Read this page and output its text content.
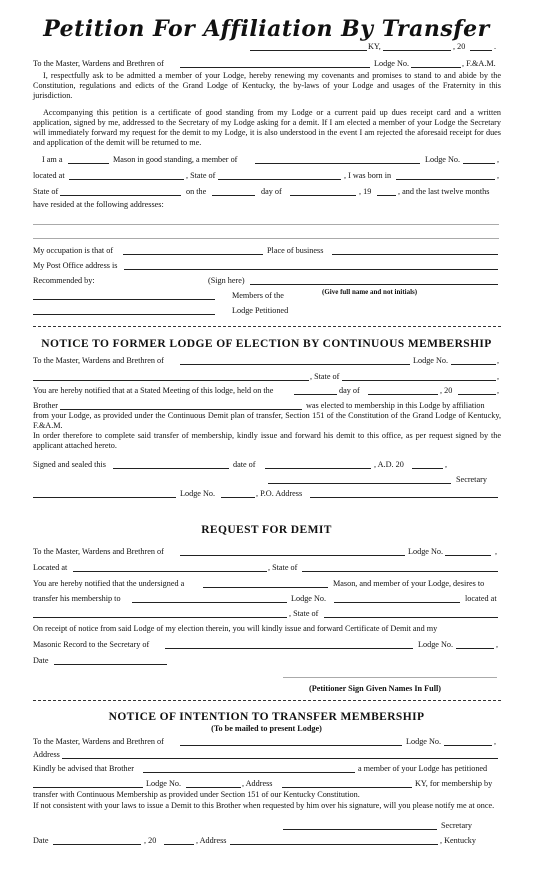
Petition For Affiliation By Transfer
KY,	, 20	.
To the Master, Wardens and Brethren of	Lodge No.	, F.&A.M.
I, respectfully ask to be admitted a member of your Lodge, hereby renewing my covenants and promises to stand to and abide by the Constitution, regulations and edicts of the Grand Lodge of Kentucky, the by-laws of your Lodge and usages of the Fraternity in this jurisdiction.
Accompanying this petition is a certificate of good standing from my Lodge or a current paid up dues receipt card and a written application, signed by me, addressed to the Secretary of my Lodge asking for a demit. If I am elected a member of your Lodge the Secretary will immediately forward my request for the demit to my Lodge, it is also understood in the event I am rejected the aforesaid receipt for dues and application of the demit will be returned to me.
I am a	Mason in good standing, a member of	Lodge No.	,
located at	, State of	, I was born in	,
State of	on the	day of	, 19	, and the last twelve months
have resided at the following addresses:
My occupation is that of	Place of business
My Post Office address is
Recommended by:	(Sign here)
Members of the	(Give full name and not initials)
Lodge Petitioned
NOTICE TO FORMER LODGE OF ELECTION BY CONTINUOUS MEMBERSHIP
To the Master, Wardens and Brethren of	Lodge No.	,
, State of	,
You are hereby notified that at a Stated Meeting of this lodge, held on the	day of	, 20	,
Brother	was elected to membership in this Lodge by affiliation
from your Lodge, as provided under the Continuous Demit plan of transfer, Section 151 of the Constitution of the Grand Lodge of Kentucky, F.&A.M.
In order therefore to complete said transfer of membership, kindly issue and forward his demit to this office, as per request signed by the applicant attached hereto.
Signed and sealed this	date of	, A.D. 20	,
Secretary
Lodge No.	, P.O. Address
REQUEST FOR DEMIT
To the Master, Wardens and Brethren of	Lodge No.	,
Located at	, State of
You are hereby notified that the undersigned a	Mason, and member of your Lodge, desires to
transfer his membership to	Lodge No.	located at
, State of
On receipt of notice from said Lodge of my election therein, you will kindly issue and forward Certificate of Demit and my
Masonic Record to the Secretary of	Lodge No.	,
Date
(Petitioner Sign Given Names In Full)
NOTICE OF INTENTION TO TRANSFER MEMBERSHIP
(To be mailed to present Lodge)
To the Master, Wardens and Brethren of	Lodge No.	,
Address
Kindly be advised that Brother	a member of your Lodge has petitioned
Lodge No.	, Address	KY, for membership by
transfer with Continuous Membership as provided under Section 151 of our Kentucky Constitution.
If not consistent with your laws to issue a Demit to this Brother when requested by him over his signature, will you please notify me at once.
Secretary
Date	, 20	, Address	, Kentucky
